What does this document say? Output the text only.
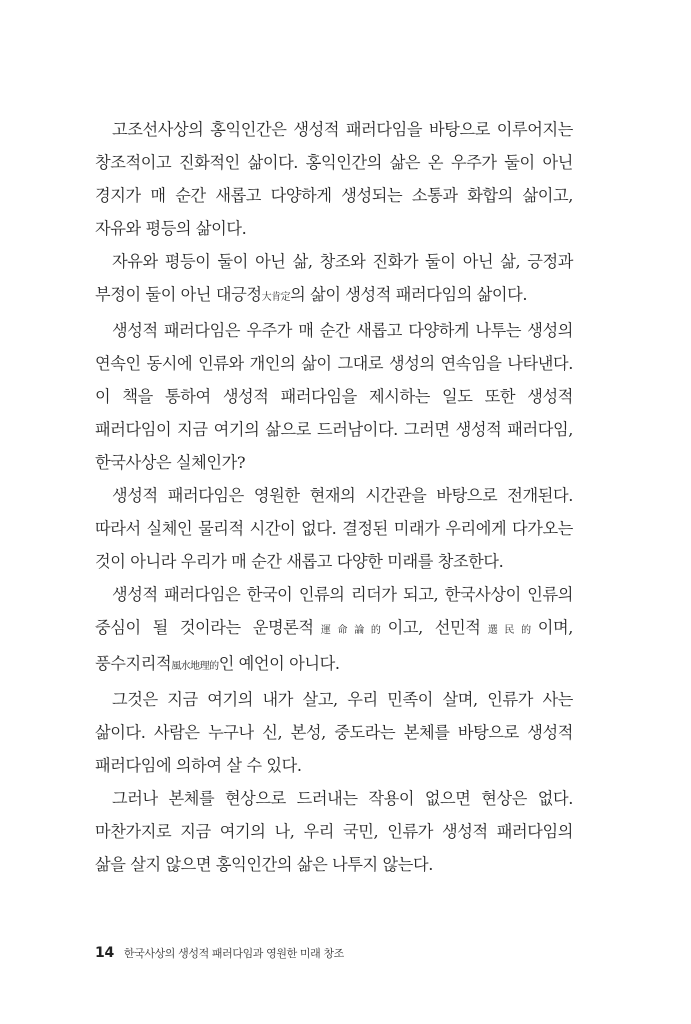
고조선사상의 홍익인간은 생성적 패러다임을 바탕으로 이루어지는 창조적이고 진화적인 삶이다. 홍익인간의 삶은 온 우주가 둘이 아닌 경지가 매 순간 새롭고 다양하게 생성되는 소통과 화합의 삶이고, 자유와 평등의 삶이다.

자유와 평등이 둘이 아닌 삶, 창조와 진화가 둘이 아닌 삶, 긍정과 부정이 둘이 아닌 대긍정大肯定의 삶이 생성적 패러다임의 삶이다.

생성적 패러다임은 우주가 매 순간 새롭고 다양하게 나투는 생성의 연속인 동시에 인류와 개인의 삶이 그대로 생성의 연속임을 나타낸다. 이 책을 통하여 생성적 패러다임을 제시하는 일도 또한 생성적 패러다임이 지금 여기의 삶으로 드러남이다. 그러면 생성적 패러다임, 한국사상은 실체인가?

생성적 패러다임은 영원한 현재의 시간관을 바탕으로 전개된다. 따라서 실체인 물리적 시간이 없다. 결정된 미래가 우리에게 다가오는 것이 아니라 우리가 매 순간 새롭고 다양한 미래를 창조한다.

생성적 패러다임은 한국이 인류의 리더가 되고, 한국사상이 인류의 중심이 될 것이라는 운명론적運命論的이고, 선민적選民的이며, 풍수지리적風水地理的인 예언이 아니다.

그것은 지금 여기의 내가 살고, 우리 민족이 살며, 인류가 사는 삶이다. 사람은 누구나 신, 본성, 중도라는 본체를 바탕으로 생성적 패러다임에 의하여 살 수 있다.

그러나 본체를 현상으로 드러내는 작용이 없으면 현상은 없다. 마찬가지로 지금 여기의 나, 우리 국민, 인류가 생성적 패러다임의 삶을 살지 않으면 홍익인간의 삶은 나투지 않는다.

14 한국사상의 생성적 패러다임과 영원한 미래 창조
